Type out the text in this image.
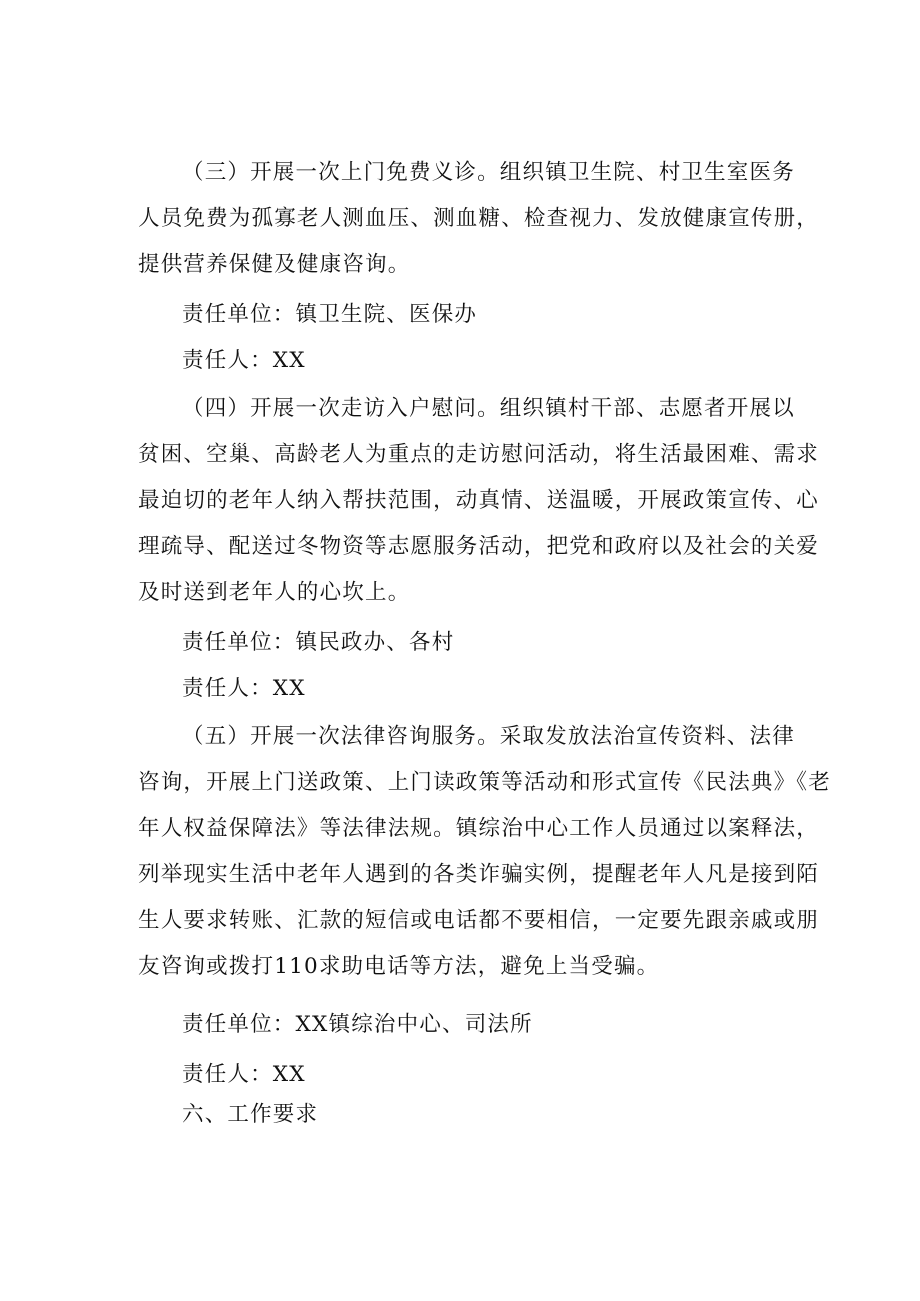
（三）开展一次上门免费义诊。组织镇卫生院、村卫生室医务
人员免费为孤寡老人测血压、测血糖、检查视力、发放健康宣传册，
提供营养保健及健康咨询。
责任单位：镇卫生院、医保办
责任人：XX
（四）开展一次走访入户慰问。组织镇村干部、志愿者开展以
贫困、空巢、高龄老人为重点的走访慰问活动，将生活最困难、需求
最迫切的老年人纳入帮扶范围，动真情、送温暖，开展政策宣传、心
理疏导、配送过冬物资等志愿服务活动，把党和政府以及社会的关爱
及时送到老年人的心坎上。
责任单位：镇民政办、各村
责任人：XX
（五）开展一次法律咨询服务。采取发放法治宣传资料、法律
咨询，开展上门送政策、上门读政策等活动和形式宣传《民法典》《老
年人权益保障法》等法律法规。镇综治中心工作人员通过以案释法，
列举现实生活中老年人遇到的各类诈骗实例，提醒老年人凡是接到陌
生人要求转账、汇款的短信或电话都不要相信，一定要先跟亲戚或朋
友咨询或拨打110求助电话等方法，避免上当受骗。
责任单位：XX镇综治中心、司法所
责任人：XX
六、工作要求
